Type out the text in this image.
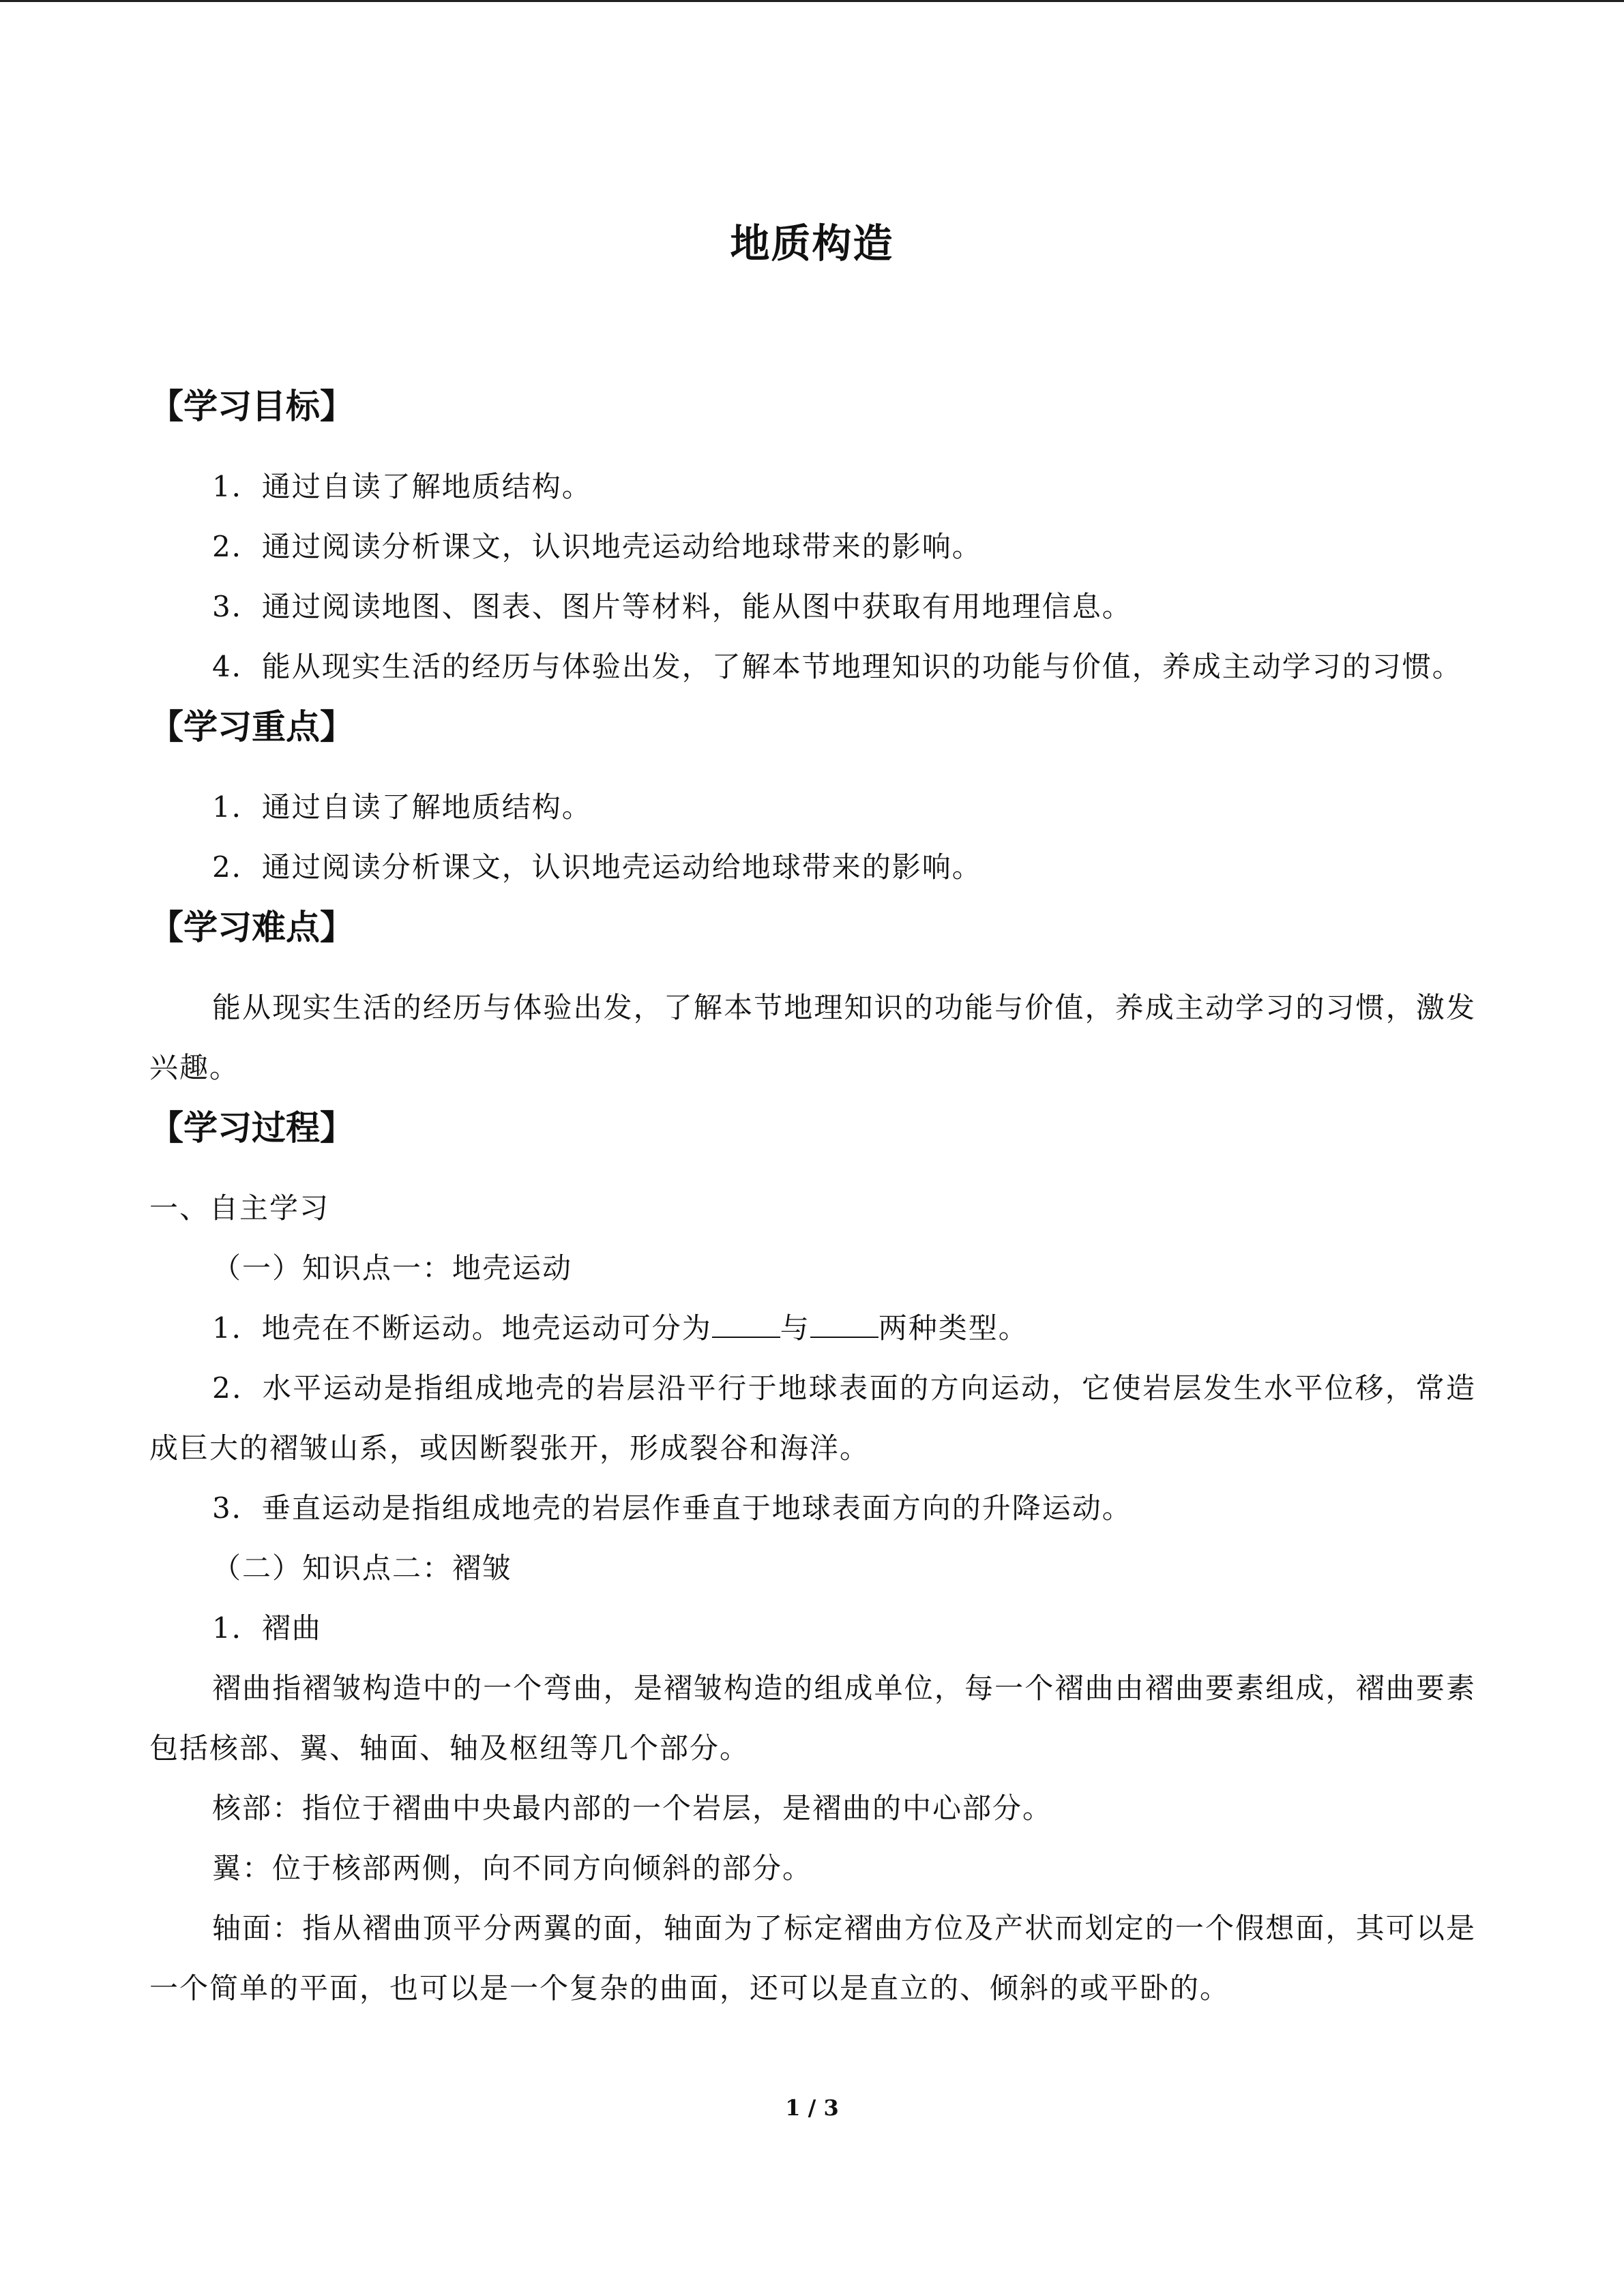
地质构造
【学习目标】
1．通过自读了解地质结构。
2．通过阅读分析课文，认识地壳运动给地球带来的影响。
3．通过阅读地图、图表、图片等材料，能从图中获取有用地理信息。
4．能从现实生活的经历与体验出发，了解本节地理知识的功能与价值，养成主动学习的习惯。
【学习重点】
1．通过自读了解地质结构。
2．通过阅读分析课文，认识地壳运动给地球带来的影响。
【学习难点】
能从现实生活的经历与体验出发，了解本节地理知识的功能与价值，养成主动学习的习惯，激发兴趣。
【学习过程】
一、自主学习
（一）知识点一：地壳运动
1．地壳在不断运动。地壳运动可分为 与 两种类型。
2．水平运动是指组成地壳的岩层沿平行于地球表面的方向运动，它使岩层发生水平位移，常造成巨大的褶皱山系，或因断裂张开，形成裂谷和海洋。
3．垂直运动是指组成地壳的岩层作垂直于地球表面方向的升降运动。
（二）知识点二：褶皱
1．褶曲
褶曲指褶皱构造中的一个弯曲，是褶皱构造的组成单位，每一个褶曲由褶曲要素组成，褶曲要素包括核部、翼、轴面、轴及枢纽等几个部分。
核部：指位于褶曲中央最内部的一个岩层，是褶曲的中心部分。
翼：位于核部两侧，向不同方向倾斜的部分。
轴面：指从褶曲顶平分两翼的面，轴面为了标定褶曲方位及产状而划定的一个假想面，其可以是一个简单的平面，也可以是一个复杂的曲面，还可以是直立的、倾斜的或平卧的。
1 / 3
